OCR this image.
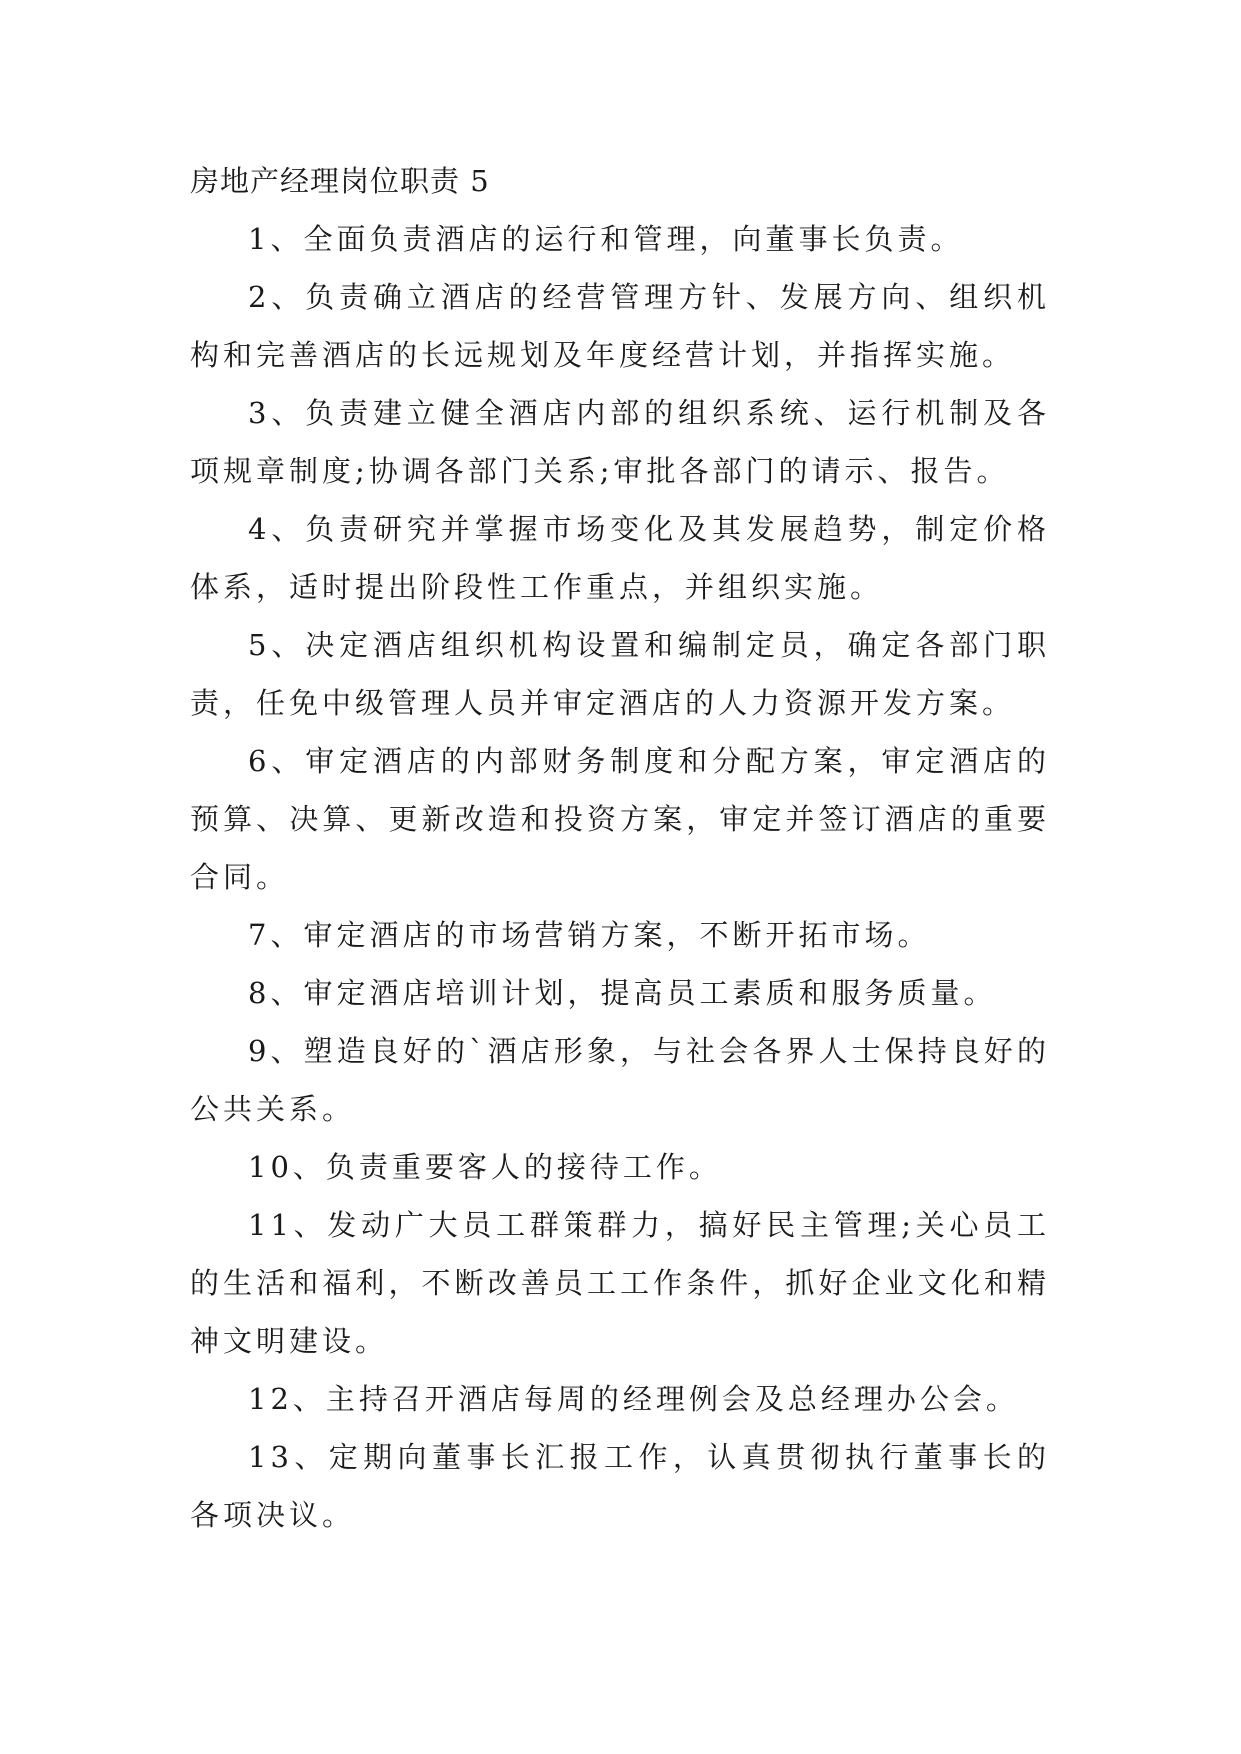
房地产经理岗位职责 5

1、全面负责酒店的运行和管理，向董事长负责。

2、负责确立酒店的经营管理方针、发展方向、组织机构和完善酒店的长远规划及年度经营计划，并指挥实施。

3、负责建立健全酒店内部的组织系统、运行机制及各项规章制度;协调各部门关系;审批各部门的请示、报告。

4、负责研究并掌握市场变化及其发展趋势，制定价格体系，适时提出阶段性工作重点，并组织实施。

5、决定酒店组织机构设置和编制定员，确定各部门职责，任免中级管理人员并审定酒店的人力资源开发方案。

6、审定酒店的内部财务制度和分配方案，审定酒店的预算、决算、更新改造和投资方案，审定并签订酒店的重要合同。

7、审定酒店的市场营销方案，不断开拓市场。

8、审定酒店培训计划，提高员工素质和服务质量。

9、塑造良好的`酒店形象，与社会各界人士保持良好的公共关系。

10、负责重要客人的接待工作。

11、发动广大员工群策群力，搞好民主管理;关心员工的生活和福利，不断改善员工工作条件，抓好企业文化和精神文明建设。

12、主持召开酒店每周的经理例会及总经理办公会。

13、定期向董事长汇报工作，认真贯彻执行董事长的各项决议。
